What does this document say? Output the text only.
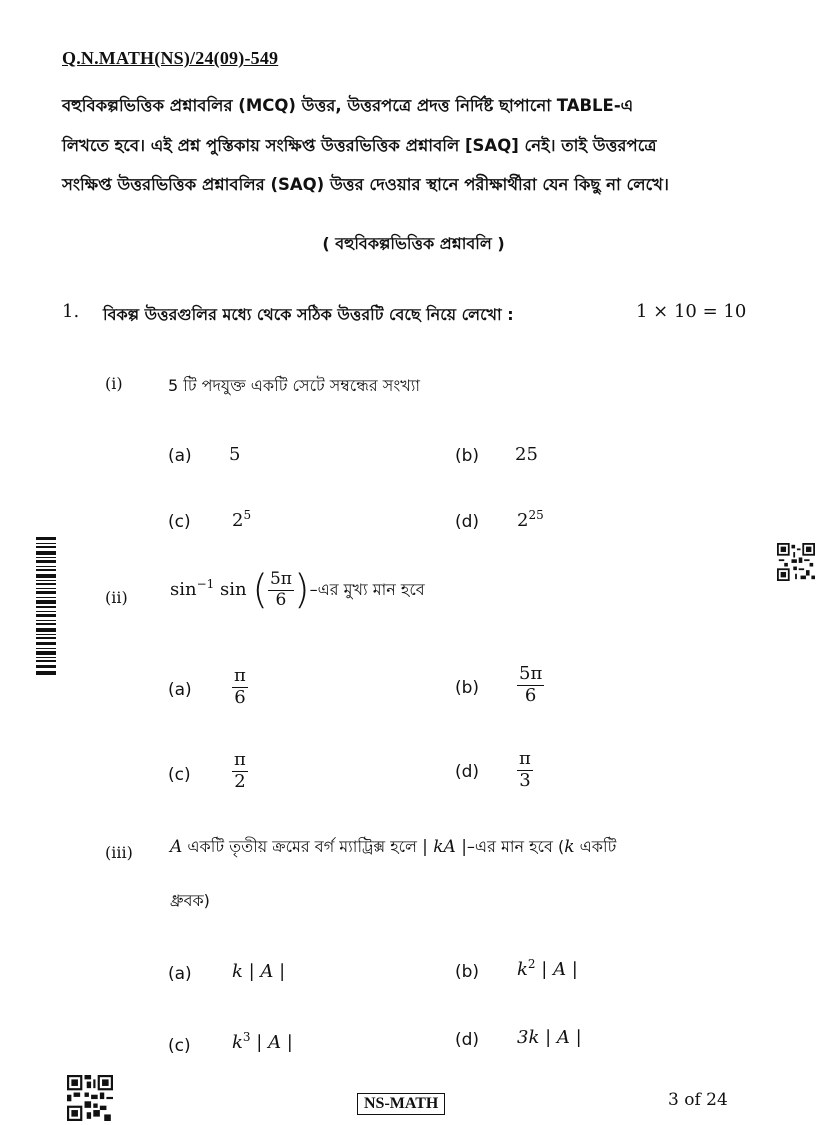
Q.N.MATH(NS)/24(09)-549
বহুবিকল্পভিত্তিক প্রশ্নাবলির (MCQ) উত্তর, উত্তরপত্রে প্রদত্ত নির্দিষ্ট ছাপানো TABLE-এ
লিখতে হবে। এই প্রশ্ন পুস্তিকায় সংক্ষিপ্ত উত্তরভিত্তিক প্রশ্নাবলি [SAQ] নেই। তাই উত্তরপত্রে
সংক্ষিপ্ত উত্তরভিত্তিক প্রশ্নাবলির (SAQ) উত্তর দেওয়ার স্থানে পরীক্ষার্থীরা যেন কিছু না লেখে।
( বহুবিকল্পভিত্তিক প্রশ্নাবলি )
1. বিকল্প উত্তরগুলির মধ্যে থেকে সঠিক উত্তরটি বেছে নিয়ে লেখো :	1 × 10 = 10
(i)	5 টি পদযুক্ত একটি সেটে সম্বন্ধের সংখ্যা
(a) 5	(b) 25
(c) $2^5$	(d) $2^{25}$
(ii) $\sin^{-1} \sin$ ( $\frac{5\pi}{6}$ )–এর মুখ্য মান হবে
$(a) \frac{\pi}{6}$	$(b) \frac{5\pi}{6}$
$(c) \frac{\pi}{2}$	$(d) \frac{\pi}{3}$
(iii) A একটি তৃতীয় ক্রমের বর্গ ম্যাট্রিক্স হলে | kA |–এর মান হবে (k একটি
ধ্রুবক)
(a) k | A |	(b) $k^2$ | A |
(c) $k^3$ | A |	(d) 3k | A |
NS-MATH	3 of 24
